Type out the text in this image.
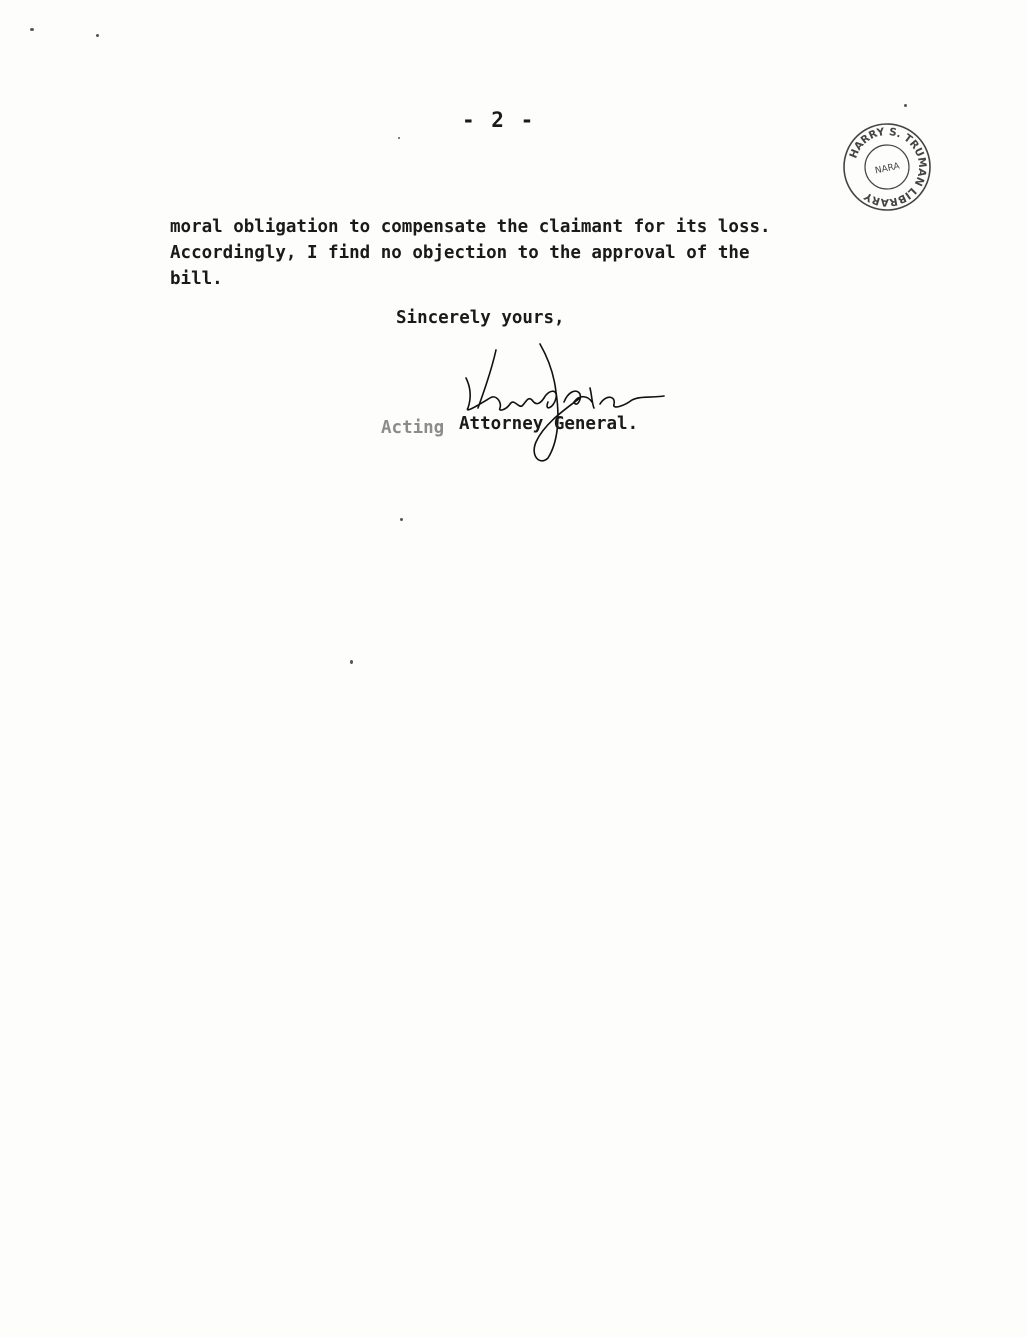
- 2 -
HARRY S. TRUMAN LIBRARY
NARA
moral obligation to compensate the claimant for its loss.
Accordingly, I find no objection to the approval of the
bill.
Sincerely yours,
Acting Attorney General.
